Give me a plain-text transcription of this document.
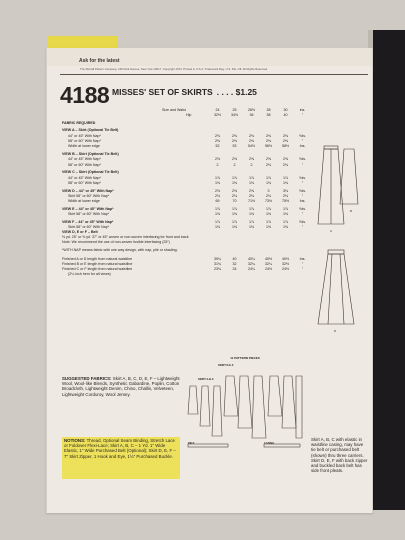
Ask for the latest
The McCall Pattern Company, 230 Park Avenue, New York 10017. Copyright 1974. Printed in U.S.A. Trademark Reg. U.S. Pat. Off. All Rights Reserved.
4188 MISSES' SET OF SKIRTS . . . . $1.25
Size and Waist	24	25	26½	28	30	ins.
Hip	32½	34½	36	38	40	"
FABRIC REQUIRED
VIEW A – Skirt (Optional Tie Belt)
44" or 45" With Nap*	2⅜	2⅜	2⅜	2⅜	2⅜	Yds.
58" or 60" With Nap*	2⅜	2⅜	2⅜	2⅜	2⅜	"
Width at lower edge	52	53	54½	56½	58½	Ins.
VIEW B – Skirt (Optional Tie Belt)
44" or 45" With Nap*	2⅝	2⅝	2⅝	2⅝	2⅝	Yds.
58" or 60" With Nap*	2	2	2	2⅛	2⅛	"
VIEW C – Skirt (Optional Tie Belt)
44" or 45" With Nap*	1⅞	1⅞	1⅞	1⅞	1⅞	Yds.
58" or 60" With Nap*	1⅜	1⅜	1⅜	1⅜	1⅜	"
VIEW D – 44" or 45" With Nap*	2⅝	2⅝	2⅝	3	3⅛	Yds.
Skirt 58" or 60" With Nap*	2⅛	2⅛	2⅛	2⅛	2⅛	"
Width at lower edge	69	70	71½	73½	75½	Ins.
VIEW E – 44" or 45" With Nap*	1⅞	1⅞	1⅞	1⅞	1⅞	Yds.
Skirt 58" or 60" With Nap*	1⅜	1⅜	1⅜	1⅜	1⅜	"
VIEW F – 44" or 45" With Nap*	1⅞	1⅞	1⅞	1⅞	1⅞	Yds.
Skirt 58" or 60" With Nap*	1⅜	1⅜	1⅜	1⅜	1⅜	"
VIEW D, E or F – Belt
⅜ yd. 25" or ⅜ yd. 37" or 45" woven or non-woven interfacing for front and back
Note: We recommend the use of non-woven fusible interfacing (25")
*WITH NAP means fabric with one way design, with nap, pile or shading.
Finished A or D length from natural waistline	39¼	40	40¼	40½	40½	Ins.
Finished B or E length from natural waistline	31¾	32	32¼	32¼	32½	"
Finished C or F length from natural waistline	23¾	24	24¼	24½	24½	"
(2¼ inch hem for all views)
SUGGESTED FABRICS: Skirt A, B, C, D, E, F – Lightweight Wool, Wool-like Blends, Synthetic Gabardine, Poplin, Cotton Broadcloth, Lightweight Denim, Chino, Challis, Velveteen, Lightweight Corduroy, Wool Jersey.
NOTIONS: Thread, Optional Seam Binding, Stretch Lace or Foldover Flexi-Lace; Skirt A, B, C – 1 Yd. 1" Wide Elastic, 1" Wide Purchased Belt (Optional); Skirt D, E, F – 7" Skirt Zipper, 1 Hook and Eye, 1½" Purchased Buckle.
11 PATTERN PIECES
SKIRT D-E-F
SKIRT A-B-C
BELT	CASING
Skirt A, B, C with elastic in waistline casing, may have tie belt or purchased belt (shown) thru three carriers. Skirt D, E, F with back zipper and buckled back belt has side front pleats.
A
B
D
